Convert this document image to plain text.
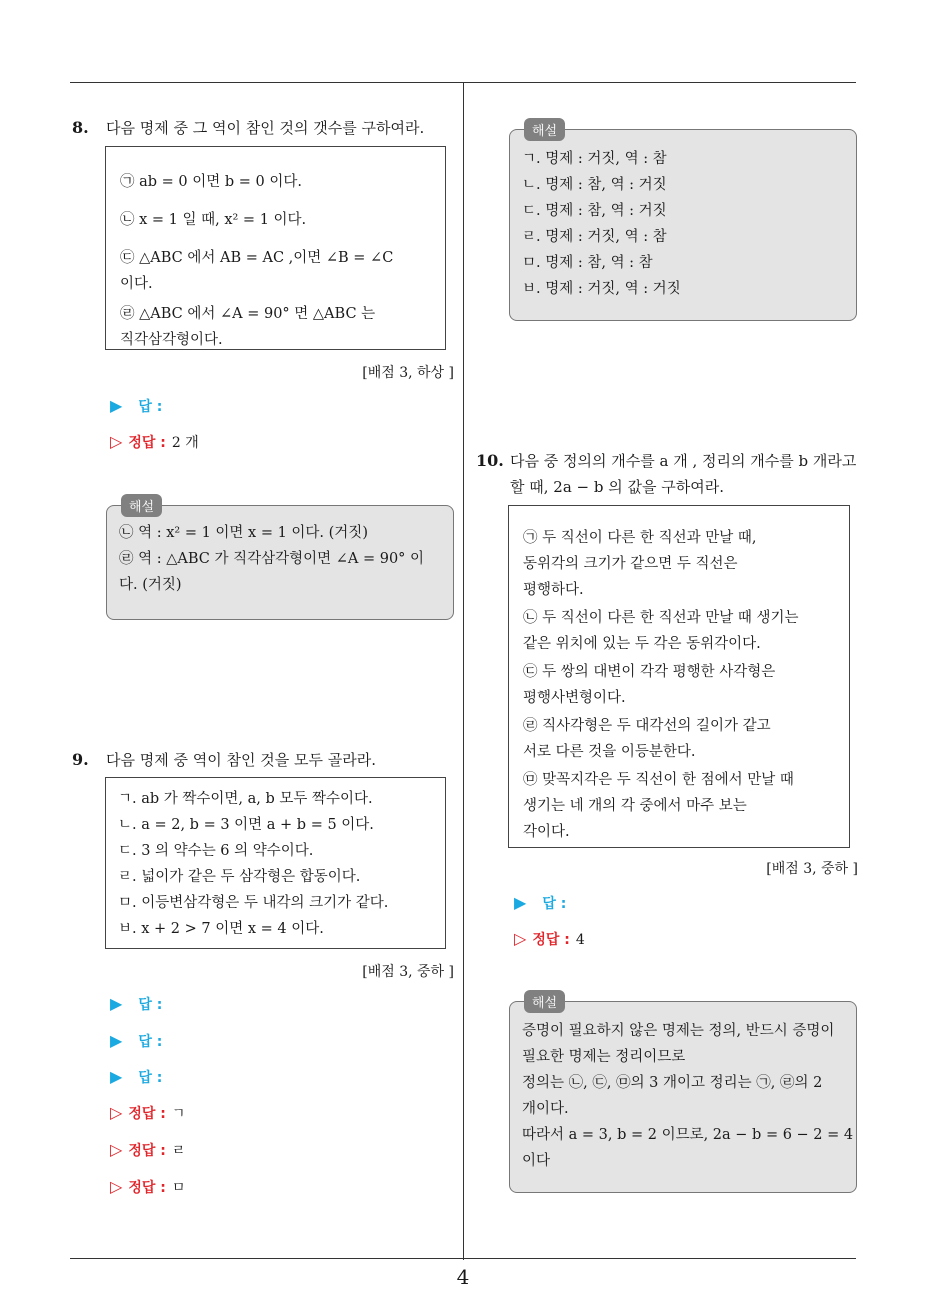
4
8. 다음 명제 중 그 역이 참인 것의 갯수를 구하여라.
㉠ ab = 0 이면 b = 0 이다.
㉡ x = 1 일 때, x² = 1 이다.
㉢ △ABC 에서 AB = AC ,이면 ∠B = ∠C
이다.
㉣ △ABC 에서 ∠A = 90° 면 △ABC 는
직각삼각형이다.
[배점 3, 하상 ]
▶ 답 :
▷ 정답 : 2 개
해설
㉡ 역 : x² = 1 이면 x = 1 이다. (거짓)
㉣ 역 : △ABC 가 직각삼각형이면 ∠A = 90° 이
다. (거짓)
9. 다음 명제 중 역이 참인 것을 모두 골라라.
ㄱ. ab 가 짝수이면, a, b 모두 짝수이다.
ㄴ. a = 2, b = 3 이면 a + b = 5 이다.
ㄷ. 3 의 약수는 6 의 약수이다.
ㄹ. 넓이가 같은 두 삼각형은 합동이다.
ㅁ. 이등변삼각형은 두 내각의 크기가 같다.
ㅂ. x + 2 > 7 이면 x = 4 이다.
[배점 3, 중하 ]
▶ 답 :
▶ 답 :
▶ 답 :
▷ 정답 : ㄱ
▷ 정답 : ㄹ
▷ 정답 : ㅁ
해설
ㄱ. 명제 : 거짓, 역 : 참
ㄴ. 명제 : 참, 역 : 거짓
ㄷ. 명제 : 참, 역 : 거짓
ㄹ. 명제 : 거짓, 역 : 참
ㅁ. 명제 : 참, 역 : 참
ㅂ. 명제 : 거짓, 역 : 거짓
10. 다음 중 정의의 개수를 a 개 , 정리의 개수를 b 개라고
할 때, 2a − b 의 값을 구하여라.
㉠ 두 직선이 다른 한 직선과 만날 때,
동위각의 크기가 같으면 두 직선은
평행하다.
㉡ 두 직선이 다른 한 직선과 만날 때 생기는
같은 위치에 있는 두 각은 동위각이다.
㉢ 두 쌍의 대변이 각각 평행한 사각형은
평행사변형이다.
㉣ 직사각형은 두 대각선의 길이가 같고
서로 다른 것을 이등분한다.
㉤ 맞꼭지각은 두 직선이 한 점에서 만날 때
생기는 네 개의 각 중에서 마주 보는
각이다.
[배점 3, 중하 ]
▶ 답 :
▷ 정답 : 4
해설
증명이 필요하지 않은 명제는 정의, 반드시 증명이
필요한 명제는 정리이므로
정의는 ㉡, ㉢, ㉤의 3 개이고 정리는 ㉠, ㉣의 2
개이다.
따라서 a = 3, b = 2 이므로, 2a − b = 6 − 2 = 4
이다
